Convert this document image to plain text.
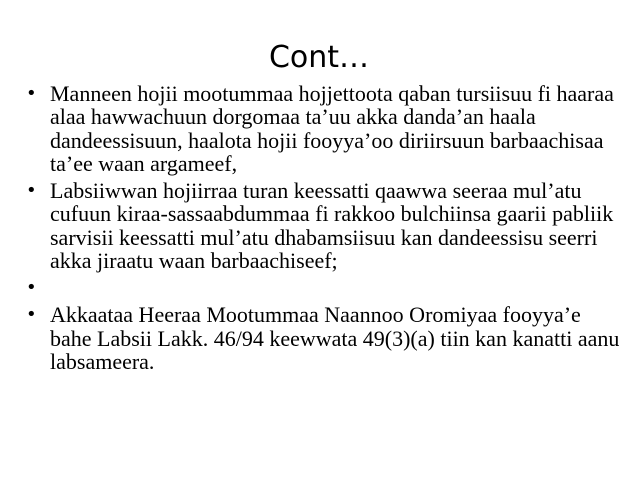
Cont…
• Manneen hojii mootummaa hojjettoota qaban tursiisuu fi haaraa alaa hawwachuun dorgomaa ta’uu akka danda’an haala dandeessisuun, haalota hojii fooyya’oo diriirsuun barbaachisaa ta’ee waan argameef,
• Labsiiwwan hojiirraa turan keessatti qaawwa seeraa mul’atu cufuun kiraa-sassaabdummaa fi rakkoo bulchiinsa gaarii pabliik sarvisii keessatti mul’atu dhabamsiisuu kan dandeessisu seerri akka jiraatu waan barbaachiseef;
•
• Akkaataa Heeraa Mootummaa Naannoo Oromiyaa fooyya’e bahe Labsii Lakk. 46/94 keewwata 49(3)(a) tiin kan kanatti aanu labsameera.
